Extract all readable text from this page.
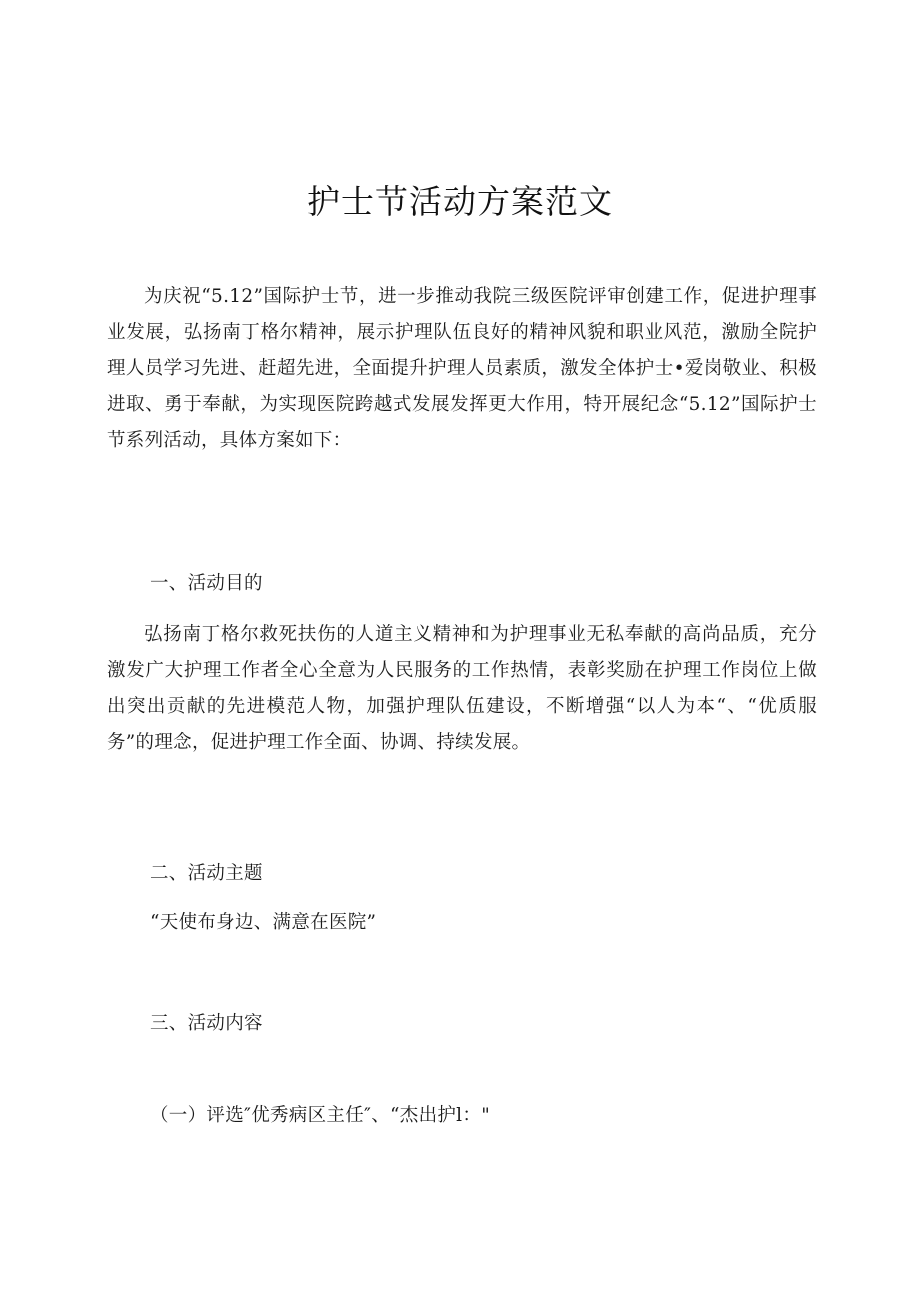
护士节活动方案范文
为庆祝“5.12”国际护士节，进一步推动我院三级医院评审创建工作，促进护理事业发展，弘扬南丁格尔精神，展示护理队伍良好的精神风貌和职业风范，激励全院护理人员学习先进、赶超先进，全面提升护理人员素质，激发全体护士•爱岗敬业、积极进取、勇于奉献，为实现医院跨越式发展发挥更大作用，特开展纪念“5.12”国际护士节系列活动，具体方案如下：
一、活动目的
弘扬南丁格尔救死扶伤的人道主义精神和为护理事业无私奉献的高尚品质，充分激发广大护理工作者全心全意为人民服务的工作热情，表彰奖励在护理工作岗位上做出突出贡献的先进模范人物，加强护理队伍建设，不断增强“以人为本“、“优质服务”的理念，促进护理工作全面、协调、持续发展。
二、活动主题
“天使布身边、满意在医院”
三、活动内容
（一）评选″优秀病区主任″、“杰出护l："
